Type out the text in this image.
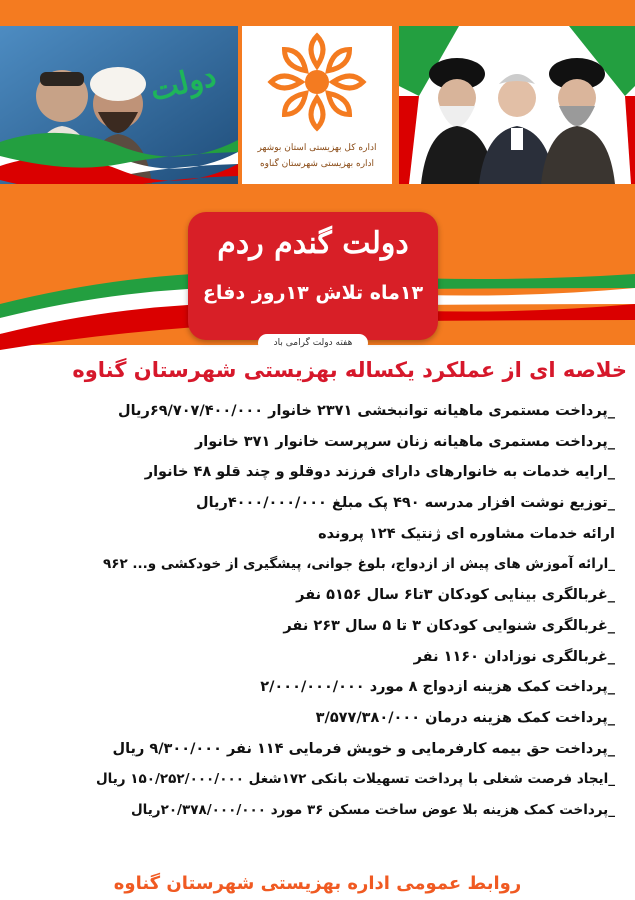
دولت
اداره کل بهزیستی استان بوشهر
اداره بهزیستی شهرستان گناوه
دولت گندم ردم
۱۳ماه تلاش ۱۳روز دفاع
هفته دولت گرامی باد
خلاصه ای از عملکرد یکساله بهزیستی شهرستان گناوه
_پرداخت مستمری ماهیانه توانبخشی ۲۳۷۱ خانوار ۶۹/۷۰۷/۴۰۰/۰۰۰ریال
_پرداخت مستمری ماهیانه زنان سرپرست خانوار ۳۷۱ خانوار
_ارایه خدمات به خانوارهای دارای فرزند دوقلو و چند قلو ۴۸ خانوار
_توزیع نوشت افزار مدرسه ۴۹۰ پک مبلغ ۴۰۰۰/۰۰۰/۰۰۰ریال
ارائه خدمات مشاوره ای ژنتیک ۱۲۴ پرونده
_ارائه آموزش های پیش از ازدواج، بلوغ جوانی، پیشگیری از خودکشی و... ۹۶۲
_غربالگری بینایی کودکان ۳تا۶ سال ۵۱۵۶ نفر
_غربالگری شنوایی کودکان ۳ تا ۵ سال ۲۶۳ نفر
_غربالگری نوزادان ۱۱۶۰ نفر
_پرداخت کمک هزینه ازدواج ۸ مورد ۲/۰۰۰/۰۰۰/۰۰۰
_پرداخت کمک هزینه درمان ۳/۵۷۷/۳۸۰/۰۰۰
_پرداخت حق بیمه کارفرمایی و خویش فرمایی ۱۱۴ نفر ۹/۳۰۰/۰۰۰ ریال
_ایجاد فرصت شغلی با پرداخت تسهیلات بانکی ۱۷۲شغل ۱۵۰/۲۵۲/۰۰۰/۰۰۰ ریال
_پرداخت کمک هزینه بلا عوض ساخت مسکن ۳۶ مورد ۲۰/۳۷۸/۰۰۰/۰۰۰ریال
روابط عمومی اداره بهزیستی شهرستان گناوه
